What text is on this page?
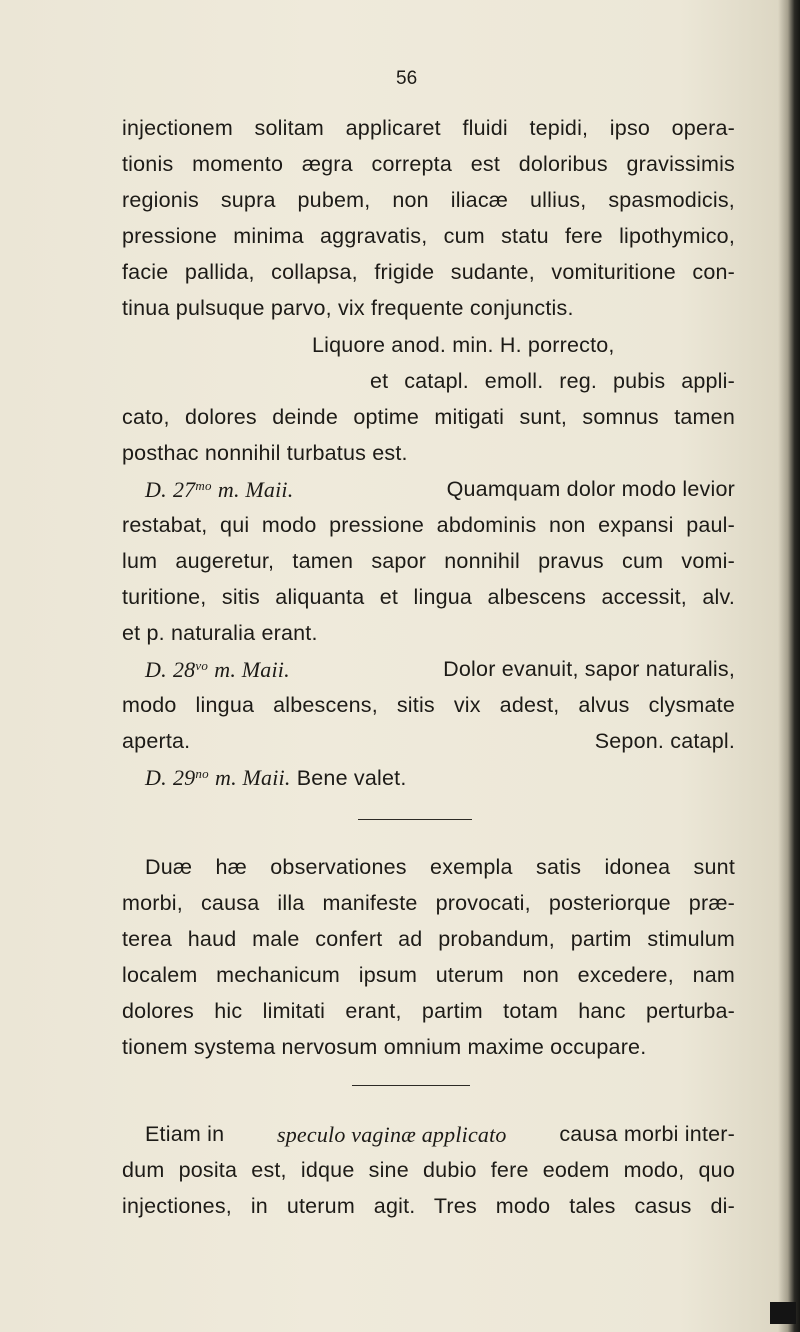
56
injectionem solitam applicaret fluidi tepidi, ipso opera-
tionis momento ægra correpta est doloribus gravissimis
regionis supra pubem, non iliacæ ullius, spasmodicis,
pressione minima aggravatis, cum statu fere lipothymico,
facie pallida, collapsa, frigide sudante, vomituritione con-
tinua pulsuque parvo, vix frequente conjunctis.
Liquore anod. min. H. porrecto,
et catapl. emoll. reg. pubis appli-
cato, dolores deinde optime mitigati sunt, somnus tamen
posthac nonnihil turbatus est.
D. $27^{mo}$ m. Maii.	Quamquam dolor modo levior
restabat, qui modo pressione abdominis non expansi paul-
lum augeretur, tamen sapor nonnihil pravus cum vomi-
turitione, sitis aliquanta et lingua albescens accessit, alv.
et p. naturalia erant.
D. $28^{vo}$ m. Maii.	Dolor evanuit, sapor naturalis,
modo lingua albescens, sitis vix adest, alvus clysmate
aperta.	Sepon. catapl.
D. $29^{no}$ m. Maii. Bene valet.
Duæ hæ observationes exempla satis idonea sunt
morbi, causa illa manifeste provocati, posteriorque præ-
terea haud male confert ad probandum, partim stimulum
localem mechanicum ipsum uterum non excedere, nam
dolores hic limitati erant, partim totam hanc perturba-
tionem systema nervosum omnium maxime occupare.
Etiam in speculo vaginæ applicato causa morbi inter-
dum posita est, idque sine dubio fere eodem modo, quo
injectiones, in uterum agit. Tres modo tales casus di-
